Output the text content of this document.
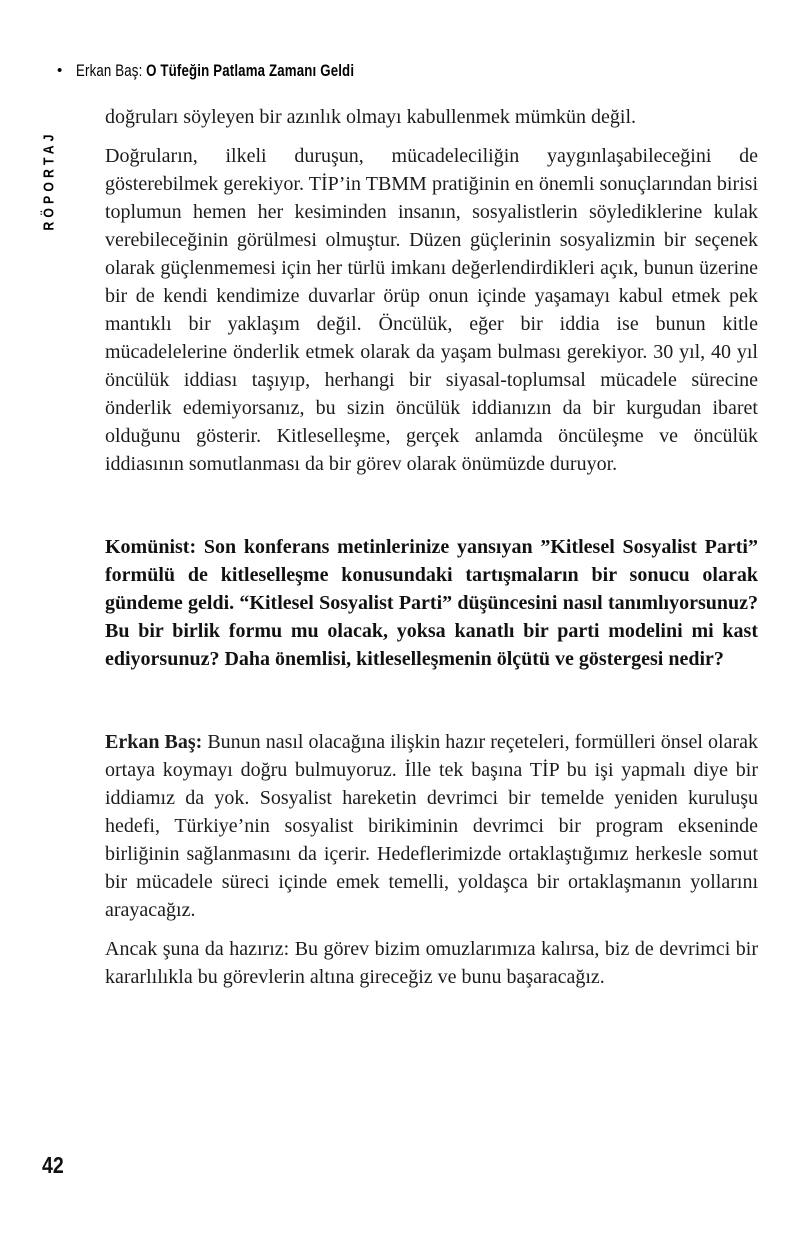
• Erkan Baş: O Tüfeğin Patlama Zamanı Geldi
RÖPORTAJ

doğruları söyleyen bir azınlık olmayı kabullenmek mümkün değil.

Doğruların, ilkeli duruşun, mücadeleciliğin yaygınlaşabileceğini de gösterebilmek gerekiyor. TİP’in TBMM pratiğinin en önemli sonuçlarından birisi toplumun hemen her kesiminden insanın, sosyalistlerin söylediklerine kulak verebileceğinin görülmesi olmuştur. Düzen güçlerinin sosyalizmin bir seçenek olarak güçlenmemesi için her türlü imkanı değerlendirdikleri açık, bunun üzerine bir de kendi kendimize duvarlar örüp onun içinde yaşamayı kabul etmek pek mantıklı bir yaklaşım değil. Öncülük, eğer bir iddia ise bunun kitle mücadelelerine önderlik etmek olarak da yaşam bulması gerekiyor. 30 yıl, 40 yıl öncülük iddiası taşıyıp, herhangi bir siyasal-toplumsal mücadele sürecine önderlik edemiyorsanız, bu sizin öncülük iddianızın da bir kurgudan ibaret olduğunu gösterir. Kitleselleşme, gerçek anlamda öncüleşme ve öncülük iddiasının somutlanması da bir görev olarak önümüzde duruyor.

Komünist: Son konferans metinlerinize yansıyan ”Kitlesel Sosyalist Parti” formülü de kitleselleşme konusundaki tartışmaların bir sonucu olarak gündeme geldi. “Kitlesel Sosyalist Parti” düşüncesini nasıl tanımlıyorsunuz? Bu bir birlik formu mu olacak, yoksa kanatlı bir parti modelini mi kast ediyorsunuz? Daha önemlisi, kitleselleşmenin ölçütü ve göstergesi nedir?

Erkan Baş: Bunun nasıl olacağına ilişkin hazır reçeteleri, formülleri önsel olarak ortaya koymayı doğru bulmuyoruz. İlle tek başına TİP bu işi yapmalı diye bir iddiamız da yok. Sosyalist hareketin devrimci bir temelde yeniden kuruluşu hedefi, Türkiye’nin sosyalist birikiminin devrimci bir program ekseninde birliğinin sağlanmasını da içerir. Hedeflerimizde ortaklaştığımız herkesle somut bir mücadele süreci içinde emek temelli, yoldaşca bir ortaklaşmanın yollarını arayacağız.

Ancak şuna da hazırız: Bu görev bizim omuzlarımıza kalırsa, biz de devrimci bir kararlılıkla bu görevlerin altına gireceğiz ve bunu başaracağız.

42
